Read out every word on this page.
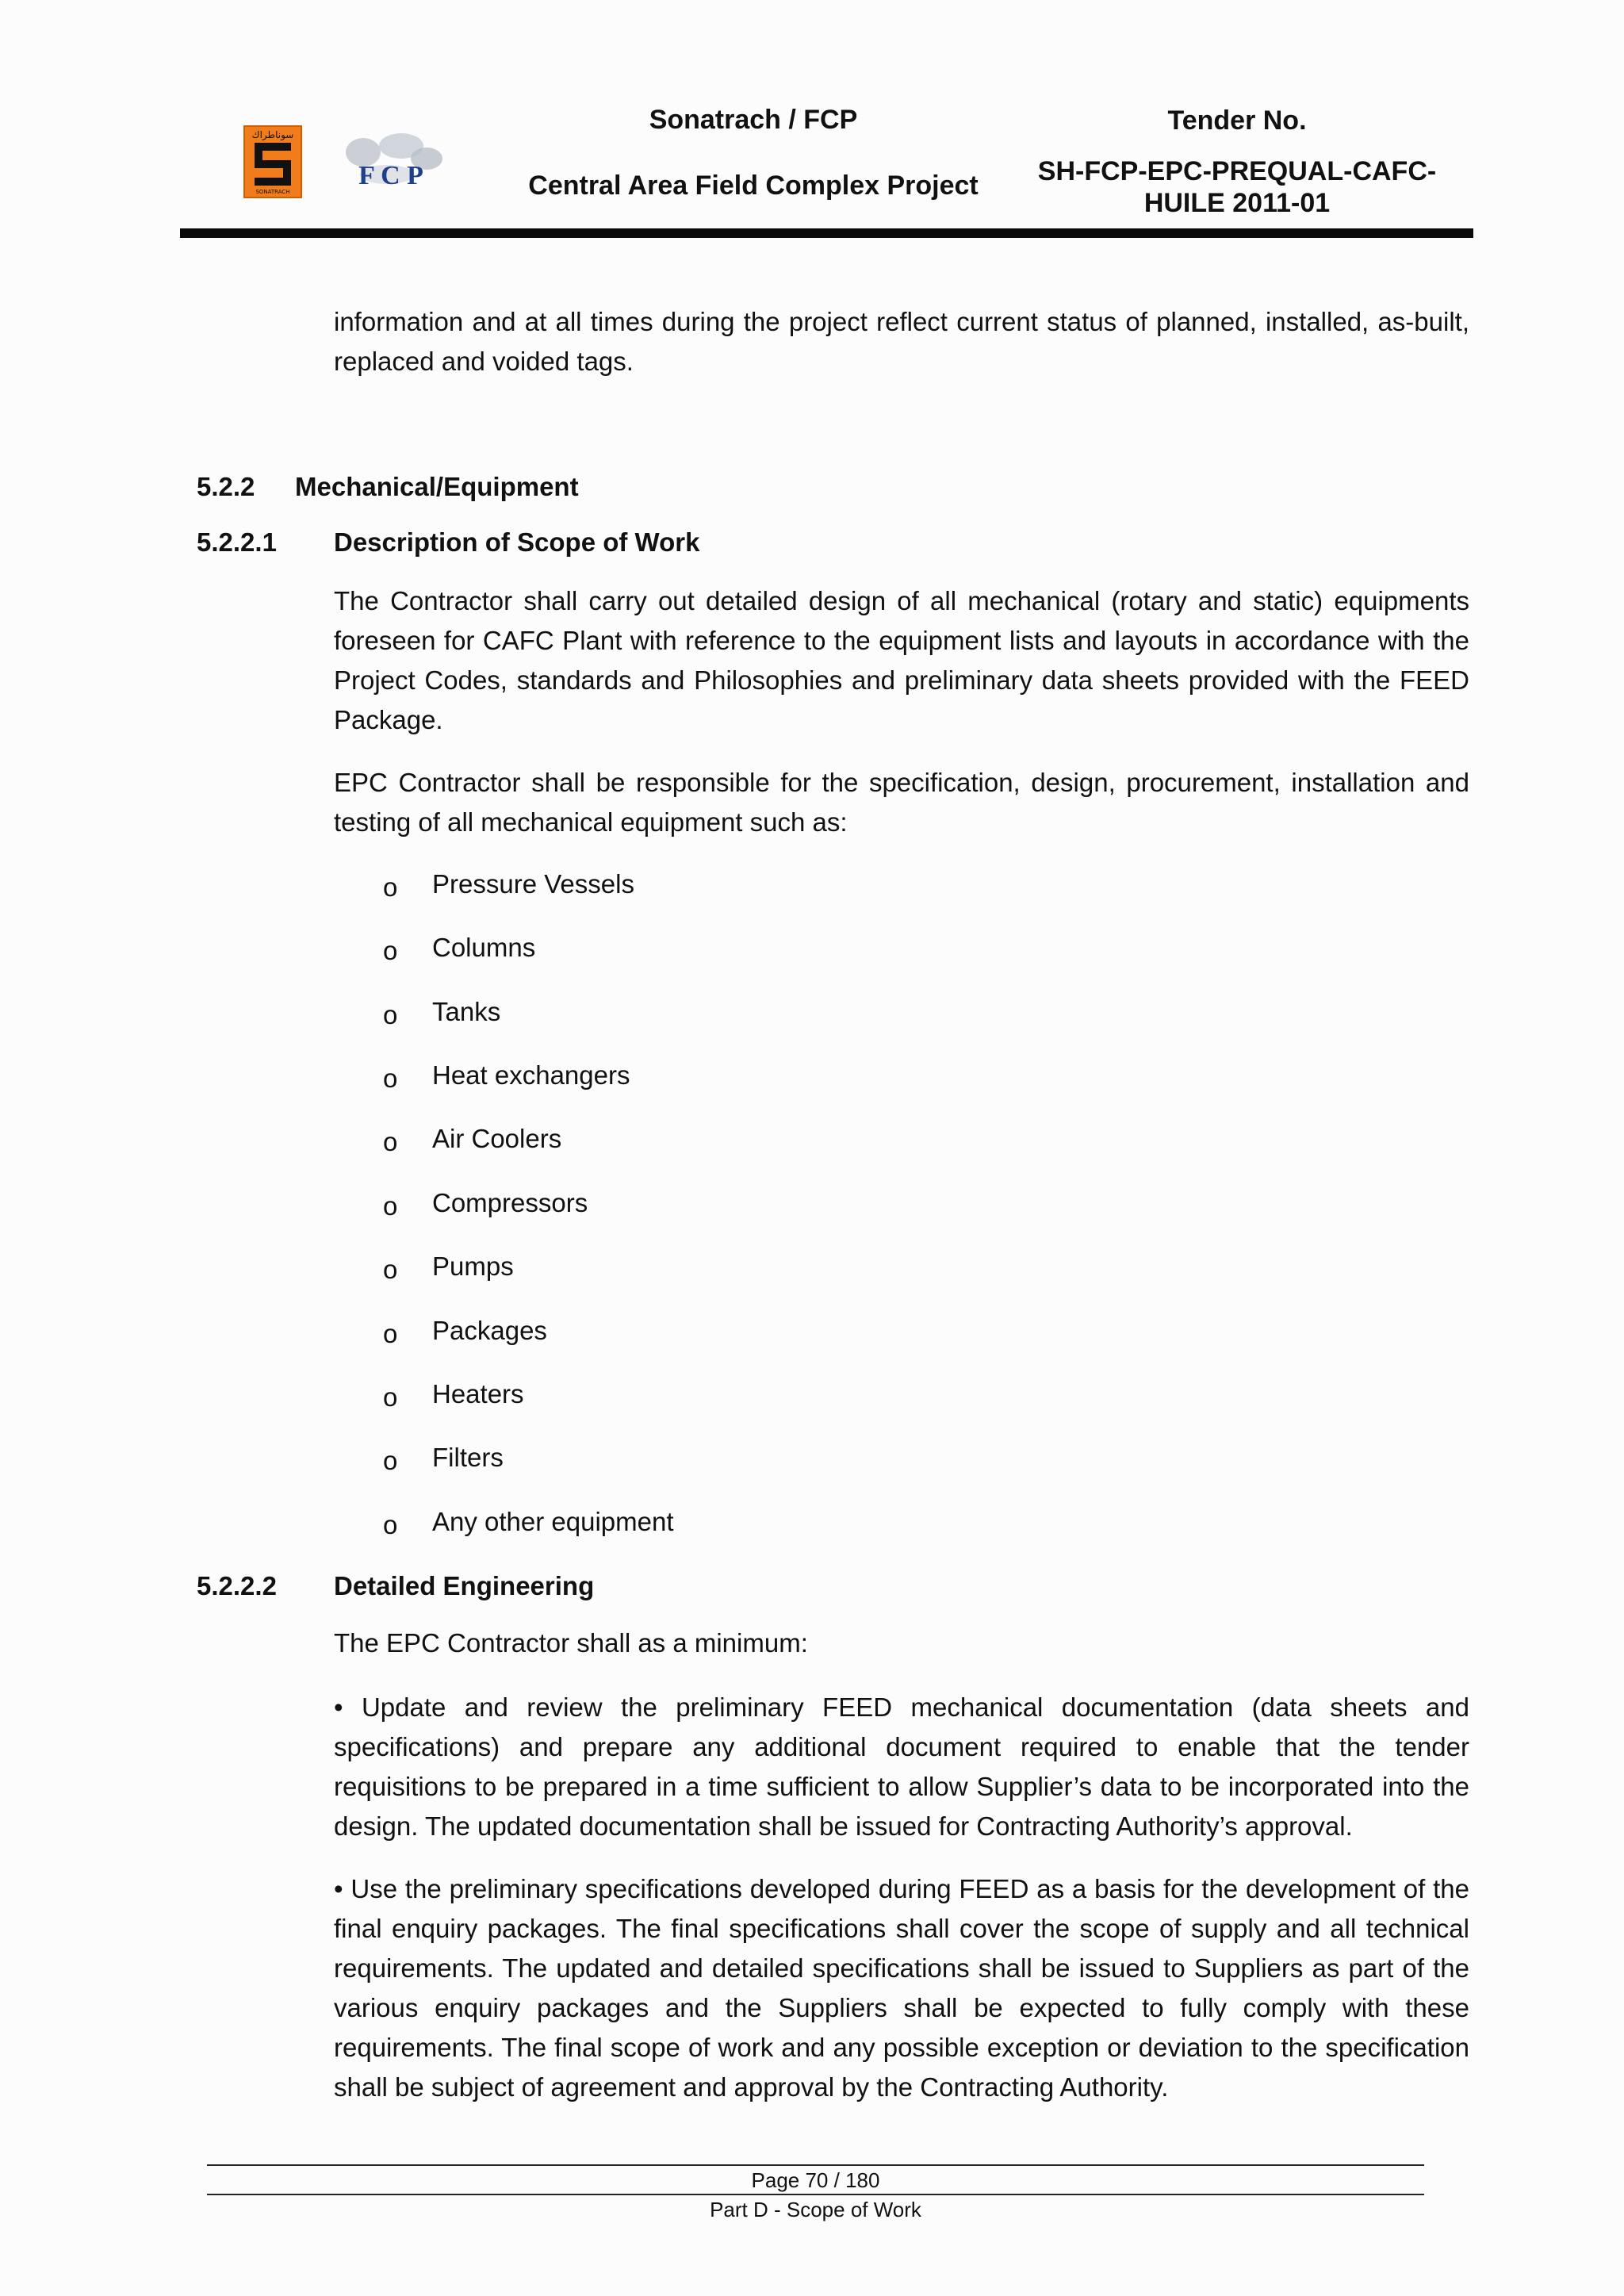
سوناطراك
SONATRACH
F C P
Sonatrach / FCP
Central Area Field Complex Project
Tender No.
SH-FCP-EPC-PREQUAL-CAFC-
HUILE 2011-01
information and at all times during the project reflect current status of planned, installed, as-built, replaced and voided tags.
5.2.2 Mechanical/Equipment
5.2.2.1 Description of Scope of Work
The Contractor shall carry out detailed design of all mechanical (rotary and static) equipments foreseen for CAFC Plant with reference to the equipment lists and layouts in accordance with the Project Codes, standards and Philosophies and preliminary data sheets provided with the FEED Package.
EPC Contractor shall be responsible for the specification, design, procurement, installation and testing of all mechanical equipment such as:
o Pressure Vessels
o Columns
o Tanks
o Heat exchangers
o Air Coolers
o Compressors
o Pumps
o Packages
o Heaters
o Filters
o Any other equipment
5.2.2.2 Detailed Engineering
The EPC Contractor shall as a minimum:
• Update and review the preliminary FEED mechanical documentation (data sheets and specifications) and prepare any additional document required to enable that the tender requisitions to be prepared in a time sufficient to allow Supplier’s data to be incorporated into the design. The updated documentation shall be issued for Contracting Authority’s approval.
• Use the preliminary specifications developed during FEED as a basis for the development of the final enquiry packages. The final specifications shall cover the scope of supply and all technical requirements. The updated and detailed specifications shall be issued to Suppliers as part of the various enquiry packages and the Suppliers shall be expected to fully comply with these requirements. The final scope of work and any possible exception or deviation to the specification shall be subject of agreement and approval by the Contracting Authority.
Page 70 / 180
Part D - Scope of Work
